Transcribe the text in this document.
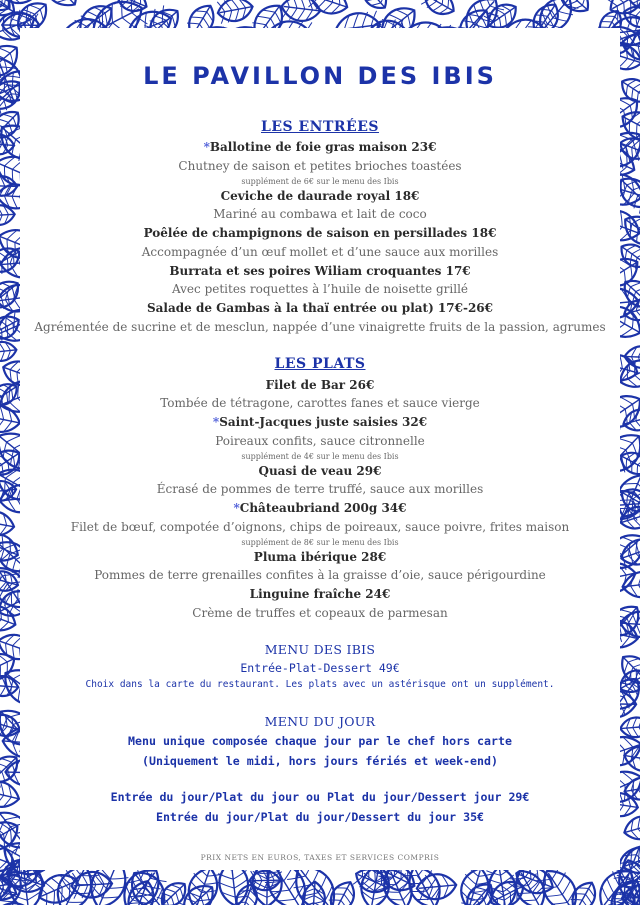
LE PAVILLON DES IBIS
LES ENTRÉES
*Ballotine de foie gras maison 23€
Chutney de saison et petites brioches toastées
supplément de 6€ sur le menu des Ibis
Ceviche de daurade royal 18€
Mariné au combawa et lait de coco
Poêlée de champignons de saison en persillades 18€
Accompagnée d’un œuf mollet et d’une sauce aux morilles
Burrata et ses poires Wiliam croquantes 17€
Avec petites roquettes à l’huile de noisette grillé
Salade de Gambas à la thaï entrée ou plat) 17€-26€
Agrémentée de sucrine et de mesclun, nappée d’une vinaigrette fruits de la passion, agrumes
LES PLATS
Filet de Bar 26€
Tombée de tétragone, carottes fanes et sauce vierge
*Saint-Jacques juste saisies 32€
Poireaux confits, sauce citronnelle
supplément de 4€ sur le menu des Ibis
Quasi de veau 29€
Écrasé de pommes de terre truffé, sauce aux morilles
*Châteaubriand 200g 34€
Filet de bœuf, compotée d’oignons, chips de poireaux, sauce poivre, frites maison
supplément de 8€ sur le menu des Ibis
Pluma ibérique 28€
Pommes de terre grenailles confites à la graisse d’oie, sauce périgourdine
Linguine fraîche 24€
Crème de truffes et copeaux de parmesan
MENU DES IBIS
Entrée-Plat-Dessert 49€
Choix dans la carte du restaurant. Les plats avec un astérisque ont un supplément.
MENU DU JOUR
Menu unique composée chaque jour par le chef hors carte
(Uniquement le midi, hors jours fériés et week-end)
Entrée du jour/Plat du jour ou Plat du jour/Dessert jour 29€
Entrée du jour/Plat du jour/Dessert du jour 35€
PRIX NETS EN EUROS, TAXES ET SERVICES COMPRIS
